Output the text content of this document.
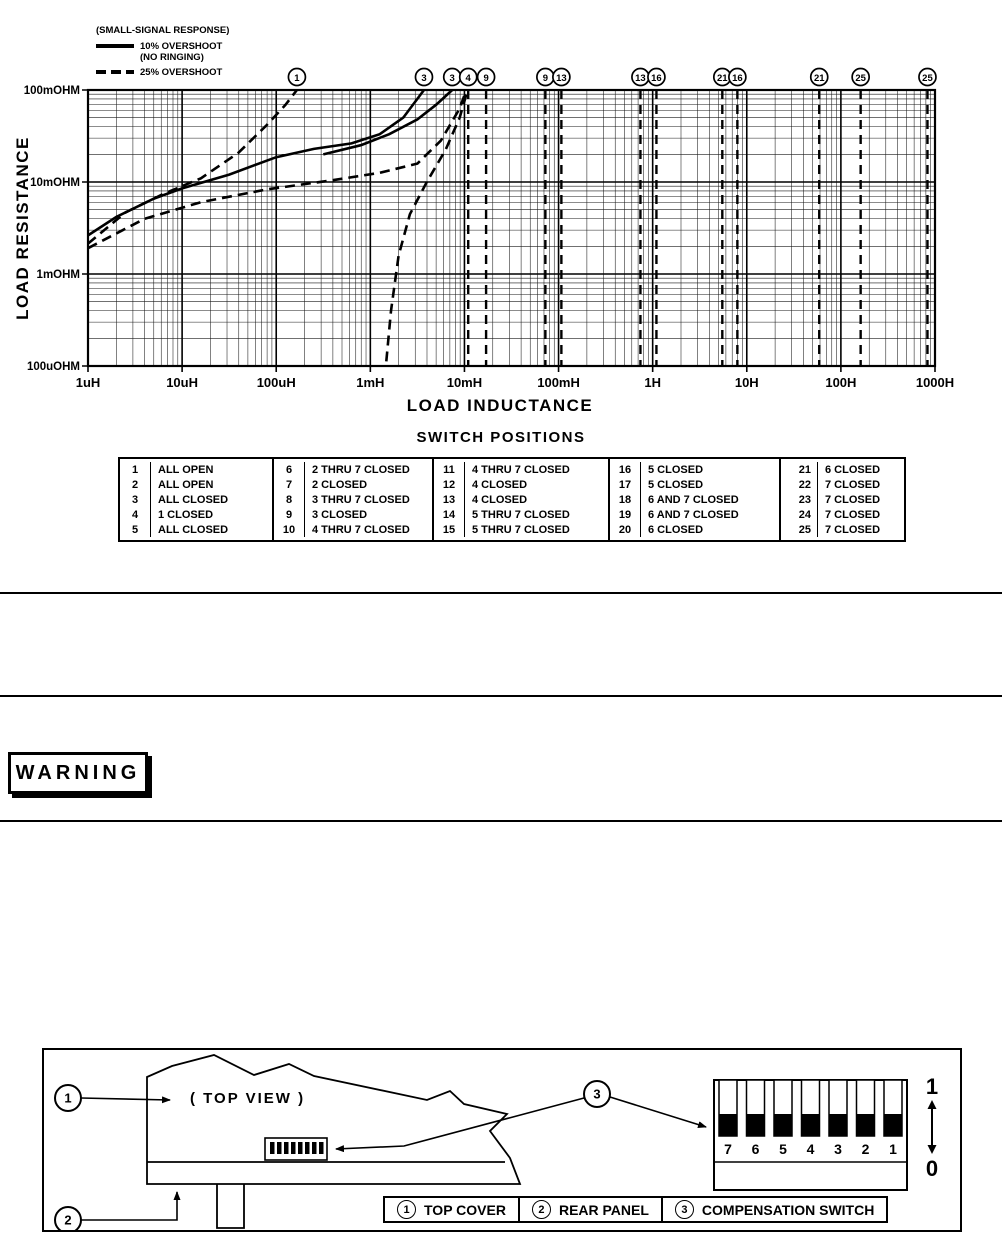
1	3 3 4 9	9 13	13 16	21 16	21	25	25
1uH	10uH	100uH	1mH	10mH	100mH	1H	10H	100H	1000H
100mOHM
10mOHM
1mOHM
100uOHM
LOAD INDUCTANCE
LOAD RESISTANCE
(SMALL-SIGNAL RESPONSE)
10% OVERSHOOT
(NO RINGING)
25% OVERSHOOT
SWITCH POSITIONS
1	ALL OPEN
2	ALL OPEN
3	ALL CLOSED
4	1 CLOSED
5	ALL CLOSED
6	2 THRU 7 CLOSED
7	2 CLOSED
8	3 THRU 7 CLOSED
9	3 CLOSED
10	4 THRU 7 CLOSED
11	4 THRU 7 CLOSED
12	4 CLOSED
13	4 CLOSED
14	5 THRU 7 CLOSED
15	5 THRU 7 CLOSED
16	5 CLOSED
17	5 CLOSED
18	6 AND 7 CLOSED
19	6 AND 7 CLOSED
20	6 CLOSED
21	6 CLOSED
22	7 CLOSED
23	7 CLOSED
24	7 CLOSED
25	7 CLOSED
WARNING
( TOP VIEW )
1
2
3
7 6 5 4 3 2 1
1
0
1	TOP COVER	2	REAR PANEL	3	COMPENSATION SWITCH
